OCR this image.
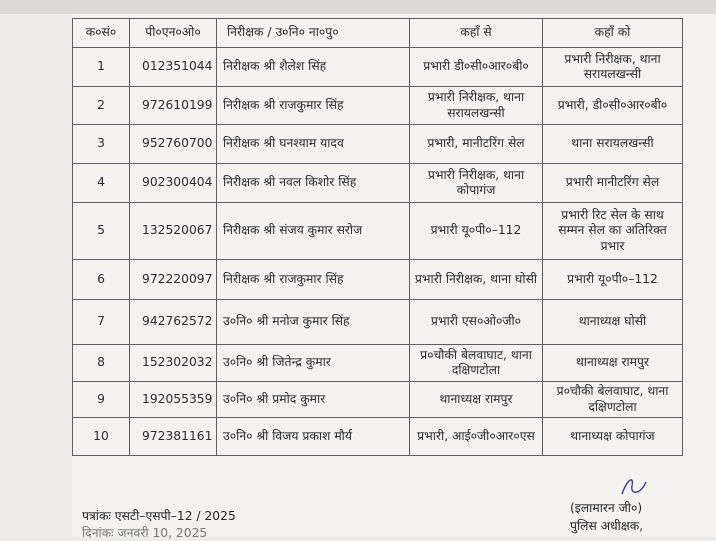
क०सं०	पी०एन०ओ०	निरीक्षक / उ०नि० ना०पु०	कहाँ से	कहाँ को
1	012351044	निरीक्षक श्री शैलेश सिंह	प्रभारी डी०सी०आर०बी०	प्रभारी निरीक्षक, थाना सरायलखन्सी
2	972610199	निरीक्षक श्री राजकुमार सिंह	प्रभारी निरीक्षक, थाना सरायलखन्सी	प्रभारी, डी०सी०आर०बी०
3	952760700	निरीक्षक श्री घनश्याम यादव	प्रभारी, मानीटरिंग सेल	थाना सरायलखन्सी
4	902300404	निरीक्षक श्री नवल किशोर सिंह	प्रभारी निरीक्षक, थाना कोपागंज	प्रभारी मानीटरिंग सेल
5	132520067	निरीक्षक श्री संजय कुमार सरोज	प्रभारी यू०पी०–112	प्रभारी रिट सेल के साथ सम्मन सेल का अतिरिक्त प्रभार
6	972220097	निरीक्षक श्री राजकुमार सिंह	प्रभारी निरीक्षक, थाना घोसी	प्रभारी यू०पी०–112
7	942762572	उ०नि० श्री मनोज कुमार सिंह	प्रभारी एस०ओ०जी०	थानाध्यक्ष घोसी
8	152302032	उ०नि० श्री जितेन्द्र कुमार	प्र०चौकी बेलवाघाट, थाना दक्षिणटोला	थानाध्यक्ष रामपुर
9	192055359	उ०नि० श्री प्रमोद कुमार	थानाध्यक्ष रामपुर	प्र०चौकी बेलवाघाट, थाना दक्षिणटोला
10	972381161	उ०नि० श्री विजय प्रकाश मौर्य	प्रभारी, आई०जी०आर०एस	थानाध्यक्ष कोपागंज
पत्रांकः एसटी–एसपी–12 / 2025
दिनांकः जनवरी 10, 2025
(इलामारन जी०)
पुलिस अधीक्षक,
